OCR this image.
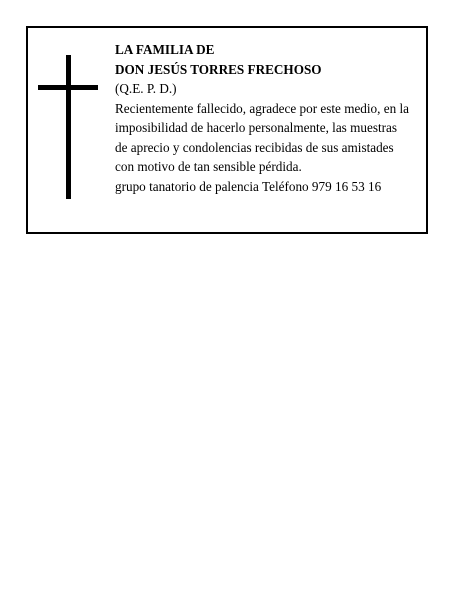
LA FAMILIA DE
DON JESÚS TORRES FRECHOSO
(Q.E. P. D.)
Recientemente fallecido, agradece por este medio, en la
imposibilidad de hacerlo personalmente, las muestras
de aprecio y condolencias recibidas de sus amistades
con motivo de tan sensible pérdida.
grupo tanatorio de palencia Teléfono 979 16 53 16
